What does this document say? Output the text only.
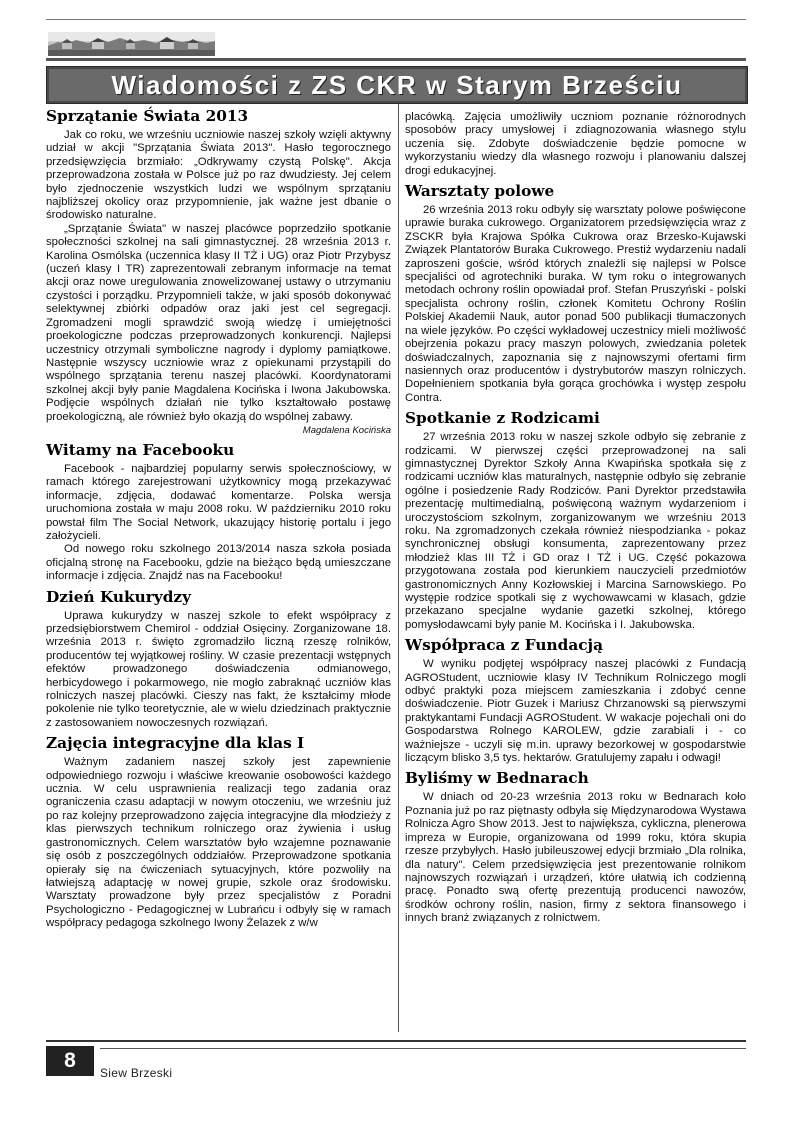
Wiadomości z ZS CKR w Starym Brześciu
Sprzątanie Świata 2013

Jak co roku, we wrześniu uczniowie naszej szkoły wzięli aktywny udział w akcji "Sprzątania Świata 2013". Hasło tegorocznego przedsięwzięcia brzmiało: „Odkrywamy czystą Polskę". Akcja przeprowadzona została w Polsce już po raz dwudziesty. Jej celem było zjednoczenie wszystkich ludzi we wspólnym sprzątaniu najbliższej okolicy oraz przypomnienie, jak ważne jest dbanie o środowisko naturalne.

„Sprzątanie Świata" w naszej placówce poprzedziło spotkanie społeczności szkolnej na sali gimnastycznej. 28 września 2013 r. Karolina Osmólska (uczennica klasy II TŻ i UG) oraz Piotr Przybysz (uczeń klasy I TR) zaprezentowali zebranym informacje na temat akcji oraz nowe uregulowania znowelizowanej ustawy o utrzymaniu czystości i porządku. Przypomnieli także, w jaki sposób dokonywać selektywnej zbiórki odpadów oraz jaki jest cel segregacji. Zgromadzeni mogli sprawdzić swoją wiedzę i umiejętności proekologiczne podczas przeprowadzonych konkurencji. Najlepsi uczestnicy otrzymali symboliczne nagrody i dyplomy pamiątkowe. Następnie wszyscy uczniowie wraz z opiekunami przystąpili do wspólnego sprzątania terenu naszej placówki. Koordynatorami szkolnej akcji były panie Magdalena Kocińska i Iwona Jakubowska. Podjęcie wspólnych działań nie tylko kształtowało postawę proekologiczną, ale również było okazją do wspólnej zabawy.

Magdalena Kocińska
Witamy na Facebooku

Facebook - najbardziej popularny serwis społecznościowy, w ramach którego zarejestrowani użytkownicy mogą przekazywać informacje, zdjęcia, dodawać komentarze. Polska wersja uruchomiona została w maju 2008 roku. W październiku 2010 roku powstał film The Social Network, ukazujący historię portalu i jego założycieli.

Od nowego roku szkolnego 2013/2014 nasza szkoła posiada oficjalną stronę na Facebooku, gdzie na bieżąco będą umieszczane informacje i zdjęcia. Znajdź nas na Facebooku!

Dzień Kukurydzy

Uprawa kukurydzy w naszej szkole to efekt współpracy z przedsiębiorstwem Chemirol - oddział Osięciny. Zorganizowane 18. września 2013 r. święto zgromadziło liczną rzeszę rolników, producentów tej wyjątkowej rośliny. W czasie prezentacji wstępnych efektów prowadzonego doświadczenia odmianowego, herbicydowego i pokarmowego, nie mogło zabraknąć uczniów klas rolniczych naszej placówki. Cieszy nas fakt, że kształcimy młode pokolenie nie tylko teoretycznie, ale w wielu dziedzinach praktycznie z zastosowaniem nowoczesnych rozwiązań.

Zajęcia integracyjne dla klas I

Ważnym zadaniem naszej szkoły jest zapewnienie odpowiedniego rozwoju i właściwe kreowanie osobowości każdego ucznia. W celu usprawnienia realizacji tego zadania oraz ograniczenia czasu adaptacji w nowym otoczeniu, we wrześniu już po raz kolejny przeprowadzono zajęcia integracyjne dla młodzieży z klas pierwszych technikum rolniczego oraz żywienia i usług gastronomicznych. Celem warsztatów było wzajemne poznawanie się osób z poszczególnych oddziałów. Przeprowadzone spotkania opierały się na ćwiczeniach sytuacyjnych, które pozwoliły na łatwiejszą adaptację w nowej grupie, szkole oraz środowisku. Warsztaty prowadzone były przez specjalistów z Poradni Psychologiczno - Pedagogicznej w Lubrańcu i odbyły się w ramach współpracy pedagoga szkolnego Iwony Żelazek z w/w

placówką. Zajęcia umożliwiły uczniom poznanie różnorodnych sposobów pracy umysłowej i zdiagnozowania własnego stylu uczenia się. Zdobyte doświadczenie będzie pomocne w wykorzystaniu wiedzy dla własnego rozwoju i planowaniu dalszej drogi edukacyjnej.

Warsztaty polowe

26 września 2013 roku odbyły się warsztaty polowe poświęcone uprawie buraka cukrowego. Organizatorem przedsięwzięcia wraz z ZSCKR była Krajowa Spółka Cukrowa oraz Brzesko-Kujawski Związek Plantatorów Buraka Cukrowego. Prestiż wydarzeniu nadali zaproszeni goście, wśród których znaleźli się najlepsi w Polsce specjaliści od agrotechniki buraka. W tym roku o integrowanych metodach ochrony roślin opowiadał prof. Stefan Pruszyński - polski specjalista ochrony roślin, członek Komitetu Ochrony Roślin Polskiej Akademii Nauk, autor ponad 500 publikacji tłumaczonych na wiele języków. Po części wykładowej uczestnicy mieli możliwość obejrzenia pokazu pracy maszyn polowych, zwiedzania poletek doświadczalnych, zapoznania się z najnowszymi ofertami firm nasiennych oraz producentów i dystrybutorów maszyn rolniczych. Dopełnieniem spotkania była gorąca grochówka i występ zespołu Contra.

Spotkanie z Rodzicami

27 września 2013 roku w naszej szkole odbyło się zebranie z rodzicami. W pierwszej części przeprowadzonej na sali gimnastycznej Dyrektor Szkoły Anna Kwapińska spotkała się z rodzicami uczniów klas maturalnych, następnie odbyło się zebranie ogólne i posiedzenie Rady Rodziców. Pani Dyrektor przedstawiła prezentację multimedialną, poświęconą ważnym wydarzeniom i uroczystościom szkolnym, zorganizowanym we wrześniu 2013 roku. Na zgromadzonych czekała również niespodzianka - pokaz synchronicznej obsługi konsumenta, zaprezentowany przez młodzież klas III TŻ i GD oraz I TŻ i UG. Część pokazowa przygotowana została pod kierunkiem nauczycieli przedmiotów gastronomicznych Anny Kozłowskiej i Marcina Sarnowskiego. Po występie rodzice spotkali się z wychowawcami w klasach, gdzie przekazano specjalne wydanie gazetki szkolnej, którego pomysłodawcami były panie M. Kocińska i I. Jakubowska.

Współpraca z Fundacją

W wyniku podjętej współpracy naszej placówki z Fundacją AGROStudent, uczniowie klasy IV Technikum Rolniczego mogli odbyć praktyki poza miejscem zamieszkania i zdobyć cenne doświadczenie. Piotr Guzek i Mariusz Chrzanowski są pierwszymi praktykantami Fundacji AGROStudent. W wakacje pojechali oni do Gospodarstwa Rolnego KAROLEW, gdzie zarabiali i - co ważniejsze - uczyli się m.in. uprawy bezorkowej w gospodarstwie liczącym blisko 3,5 tys. hektarów. Gratulujemy zapału i odwagi!

Byliśmy w Bednarach

W dniach od 20-23 września 2013 roku w Bednarach koło Poznania już po raz piętnasty odbyła się Międzynarodowa Wystawa Rolnicza Agro Show 2013. Jest to największa, cykliczna, plenerowa impreza w Europie, organizowana od 1999 roku, która skupia rzesze przybyłych. Hasło jubileuszowej edycji brzmiało „Dla rolnika, dla natury". Celem przedsięwzięcia jest prezentowanie rolnikom najnowszych rozwiązań i urządzeń, które ułatwią ich codzienną pracę. Ponadto swą ofertę prezentują producenci nawozów, środków ochrony roślin, nasion, firmy z sektora finansowego i innych branż związanych z rolnictwem.

8
Siew Brzeski
